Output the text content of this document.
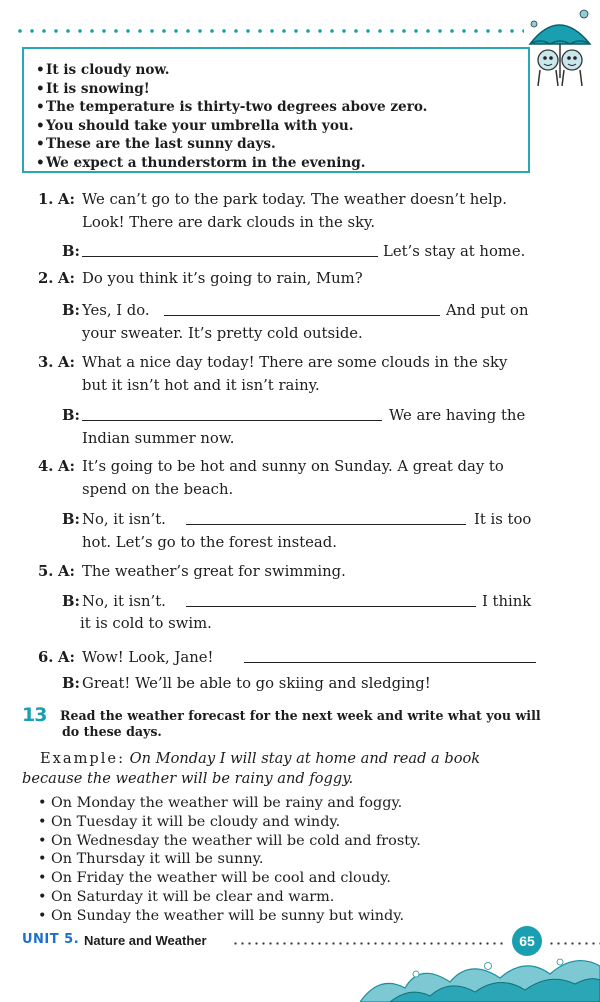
•It is cloudy now.
•It is snowing!
•The temperature is thirty-two degrees above zero.
•You should take your umbrella with you.
•These are the last sunny days.
•We expect a thunderstorm in the evening.
1. A: We can’t go to the park today. The weather doesn’t help.
Look! There are dark clouds in the sky.
B:	Let’s stay at home.
2. A: Do you think it’s going to rain, Mum?
B: Yes, I do.	And put on
your sweater. It’s pretty cold outside.
3. A: What a nice day today! There are some clouds in the sky
but it isn’t hot and it isn’t rainy.
B:	We are having the
Indian summer now.
4. A: It’s going to be hot and sunny on Sunday. A great day to
spend on the beach.
B: No, it isn’t.	It is too
hot. Let’s go to the forest instead.
5. A: The weather’s great for swimming.
B: No, it isn’t.	I think
it is cold to swim.
6. A: Wow! Look, Jane!
B: Great! We’ll be able to go skiing and sledging!
13 Read the weather forecast for the next week and write what you will
do these days.
Example: On Monday I will stay at home and read a book
because the weather will be rainy and foggy.
• On Monday the weather will be rainy and foggy.
• On Tuesday it will be cloudy and windy.
• On Wednesday the weather will be cold and frosty.
• On Thursday it will be sunny.
• On Friday the weather will be cool and cloudy.
• On Saturday it will be clear and warm.
• On Sunday the weather will be sunny but windy.
UNIT 5. Nature and Weather	65
